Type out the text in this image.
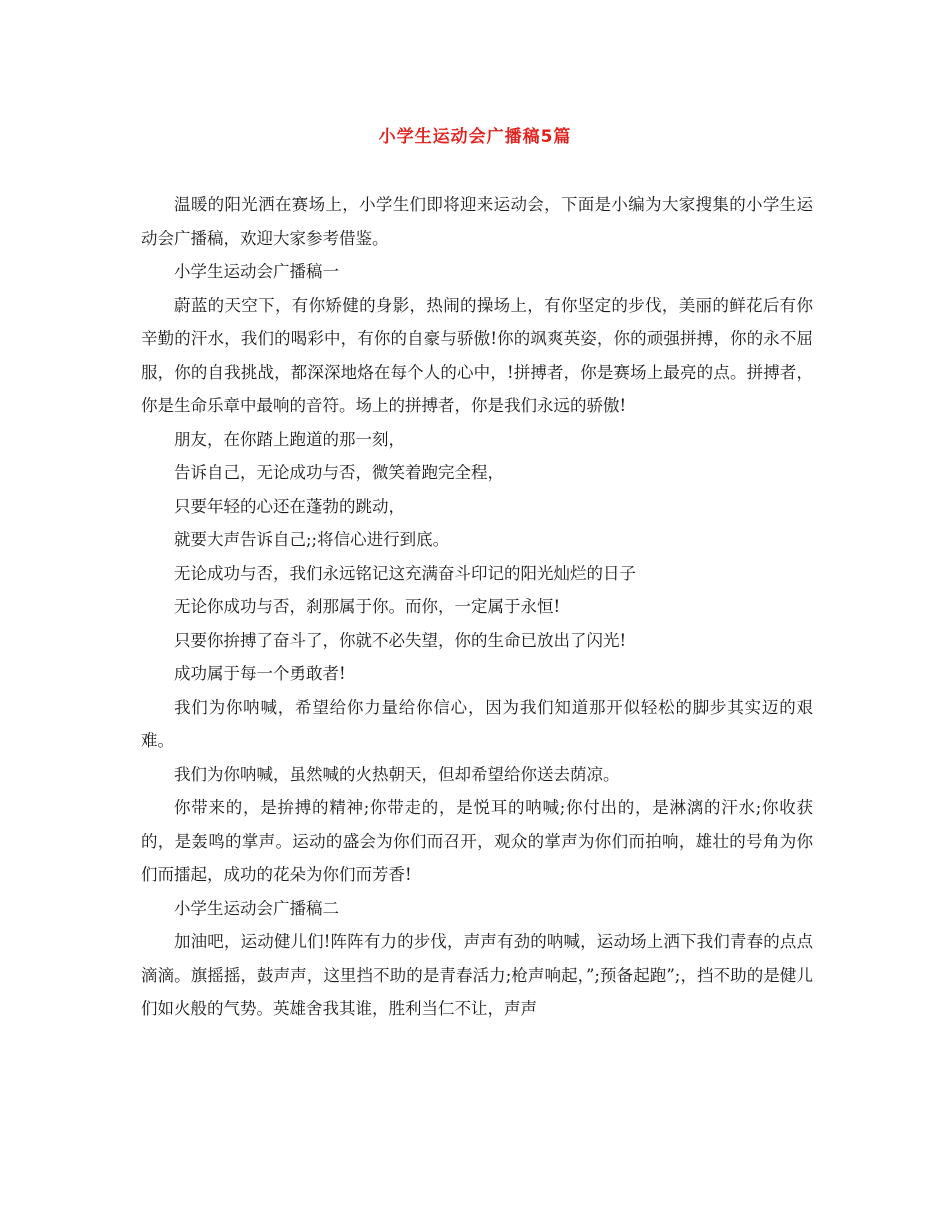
小学生运动会广播稿5篇

温暖的阳光洒在赛场上，小学生们即将迎来运动会，下面是小编为大家搜集的小学生运动会广播稿，欢迎大家参考借鉴。

小学生运动会广播稿一

蔚蓝的天空下，有你矫健的身影，热闹的操场上，有你坚定的步伐，美丽的鲜花后有你辛勤的汗水，我们的喝彩中，有你的自豪与骄傲!你的飒爽英姿，你的顽强拼搏，你的永不屈服，你的自我挑战，都深深地烙在每个人的心中，!拼搏者，你是赛场上最亮的点。拼搏者，你是生命乐章中最响的音符。场上的拼搏者，你是我们永远的骄傲!

朋友，在你踏上跑道的那一刻，

告诉自己，无论成功与否，微笑着跑完全程，

只要年轻的心还在蓬勃的跳动，

就要大声告诉自己;;将信心进行到底。

无论成功与否，我们永远铭记这充满奋斗印记的阳光灿烂的日子

无论你成功与否，刹那属于你。而你，一定属于永恒!

只要你拚搏了奋斗了，你就不必失望，你的生命已放出了闪光!

成功属于每一个勇敢者!

我们为你呐喊，希望给你力量给你信心，因为我们知道那开似轻松的脚步其实迈的艰难。

我们为你呐喊，虽然喊的火热朝天，但却希望给你送去荫凉。

你带来的，是拚搏的精神;你带走的，是悦耳的呐喊;你付出的，是淋漓的汗水;你收获的，是轰鸣的掌声。运动的盛会为你们而召开，观众的掌声为你们而拍响，雄壮的号角为你们而擂起，成功的花朵为你们而芳香!

小学生运动会广播稿二

加油吧，运动健儿们!阵阵有力的步伐，声声有劲的呐喊，运动场上洒下我们青春的点点滴滴。旗摇摇，鼓声声，这里挡不助的是青春活力;枪声响起，”;预备起跑”;，挡不助的是健儿们如火般的气势。英雄舍我其谁，胜利当仁不让，声声
